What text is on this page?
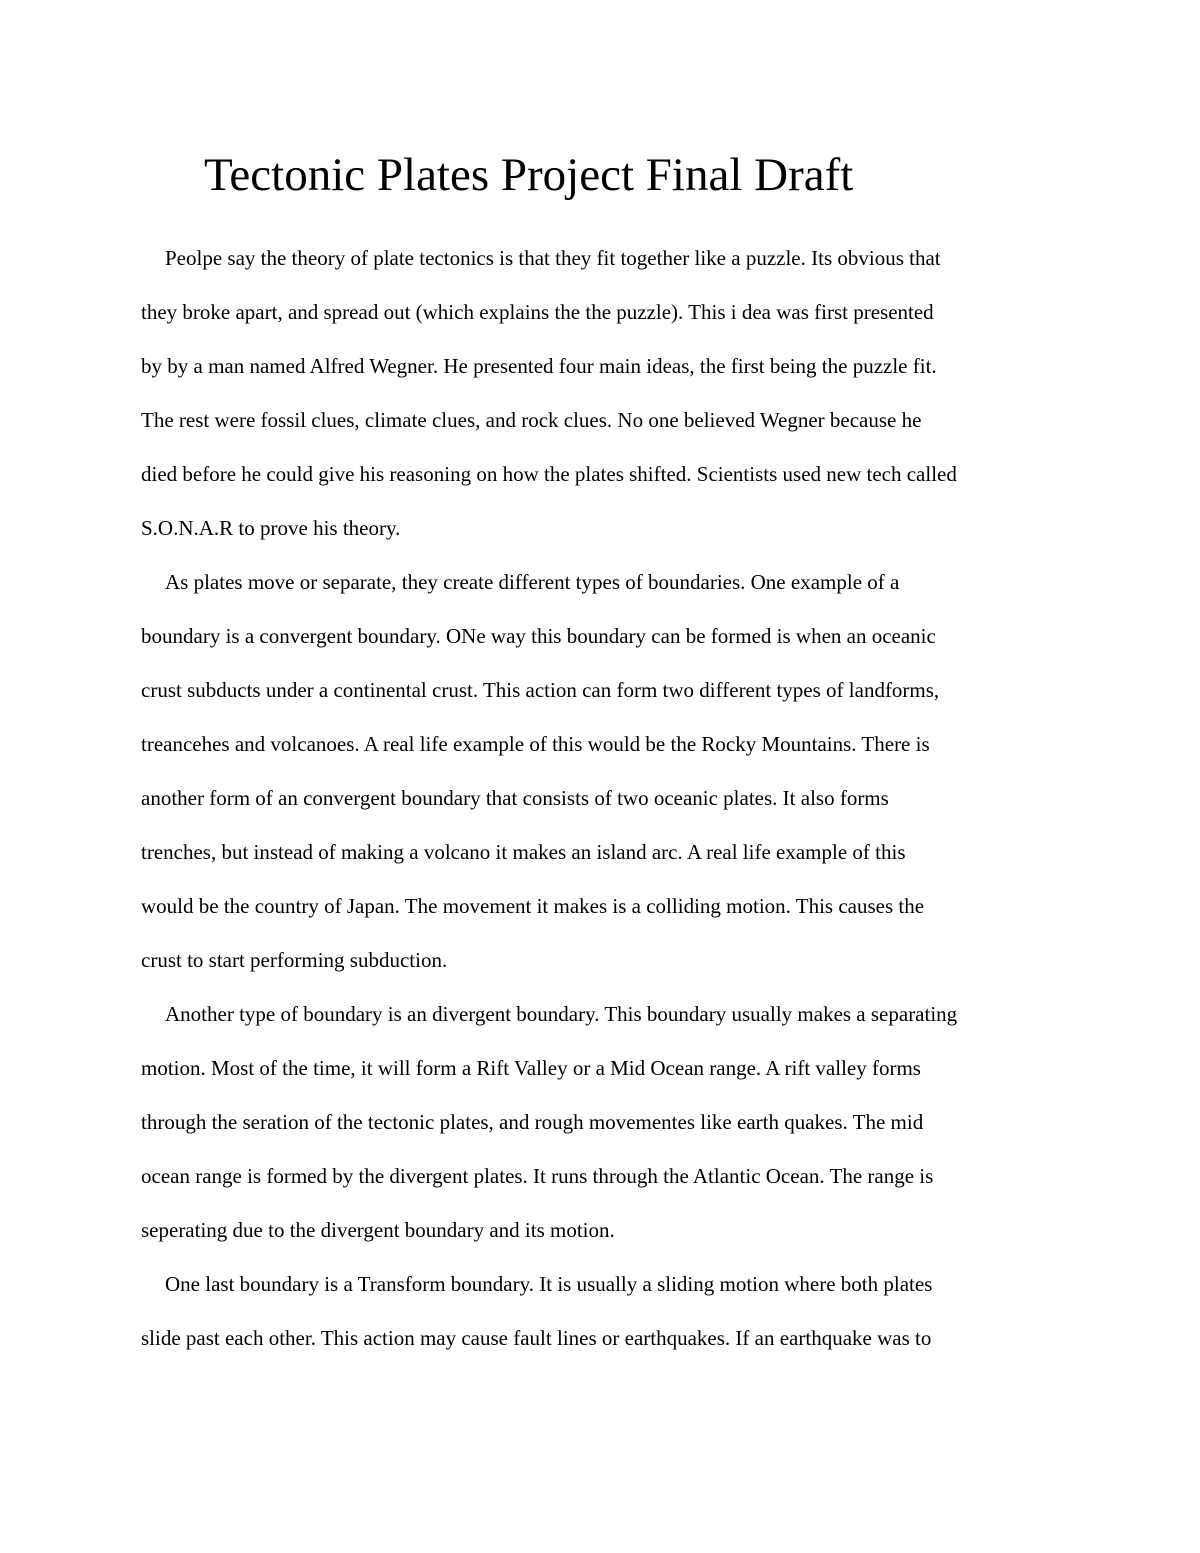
Tectonic Plates Project Final Draft
Peolpe say the theory of plate tectonics is that they fit together like a puzzle. Its obvious that
they broke apart, and spread out (which explains the the puzzle). This i dea was first presented
by by a man named Alfred Wegner. He presented four main ideas, the first being the puzzle fit.
The rest were fossil clues, climate clues, and rock clues. No one believed Wegner because he
died before he could give his reasoning on how the plates shifted. Scientists used new tech called
S.O.N.A.R to prove his theory.
As plates move or separate, they create different types of boundaries. One example of a
boundary is a convergent boundary. ONe way this boundary can be formed is when an oceanic
crust subducts under a continental crust. This action can form two different types of landforms,
treancehes and volcanoes. A real life example of this would be the Rocky Mountains. There is
another form of an convergent boundary that consists of two oceanic plates. It also forms
trenches, but instead of making a volcano it makes an island arc. A real life example of this
would be the country of Japan. The movement it makes is a colliding motion. This causes the
crust to start performing subduction.
Another type of boundary is an divergent boundary. This boundary usually makes a separating
motion. Most of the time, it will form a Rift Valley or a Mid Ocean range. A rift valley forms
through the seration of the tectonic plates, and rough movementes like earth quakes. The mid
ocean range is formed by the divergent plates. It runs through the Atlantic Ocean. The range is
seperating due to the divergent boundary and its motion.
One last boundary is a Transform boundary. It is usually a sliding motion where both plates
slide past each other. This action may cause fault lines or earthquakes. If an earthquake was to
